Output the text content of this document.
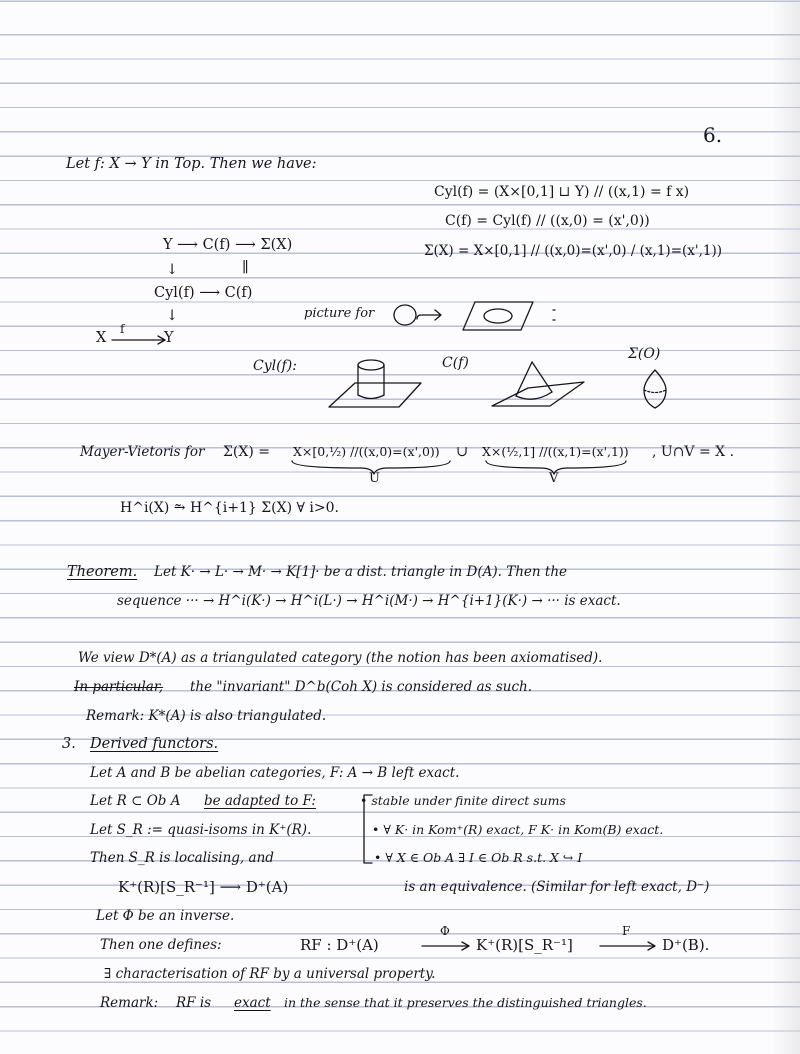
6.
Let f: X → Y in Top. Then we have:
Cyl(f) = (X×[0,1] ⊔ Y) // ((x,1) = f x)
C(f) = Cyl(f) // ((x,0) = (x',0))
Σ(X) = X×[0,1] // ((x,0)=(x',0) / (x,1)=(x',1))
Y ⟶ C(f) ⟶ Σ(X)
↓	∥
Cyl(f) ⟶ C(f)
↓
X
f
Y
picture for
Cyl(f):	C(f)
Σ(O)
Mayer-Vietoris for Σ(X) = X×[0,½) //((x,0)=(x',0)) ∪ X×(½,1] //((x,1)=(x',1)) , U∩V = X .
U	V
H^i(X) ⥲ H^{i+1} Σ(X) ∀ i>0.
Theorem. Let K· → L· → M· → K[1]· be a dist. triangle in D(A). Then the
sequence ··· → H^i(K·) → H^i(L·) → H^i(M·) → H^{i+1}(K·) → ··· is exact.
We view D*(A) as a triangulated category (the notion has been axiomatised).
In particular, the "invariant" D^b(Coh X) is considered as such.
Remark: K*(A) is also triangulated.
3. Derived functors.
Let A and B be abelian categories, F: A → B left exact.
Let R ⊂ Ob A be adapted to F:	• stable under finite direct sums
Let S_R := quasi-isoms in K⁺(R).	• ∀ K· in Kom⁺(R) exact, F K· in Kom(B) exact.
Then S_R is localising, and	• ∀ X ∈ Ob A ∃ I ∈ Ob R s.t. X ↪ I
K⁺(R)[S_R⁻¹] ⟶ D⁺(A)	is an equivalence. (Similar for left exact, D⁻)
Let Φ be an inverse.
Then one defines:	RF : D⁺(A)
Φ
K⁺(R)[S_R⁻¹]
F
D⁺(B).
∃ characterisation of RF by a universal property.
Remark: RF is exact in the sense that it preserves the distinguished triangles.
